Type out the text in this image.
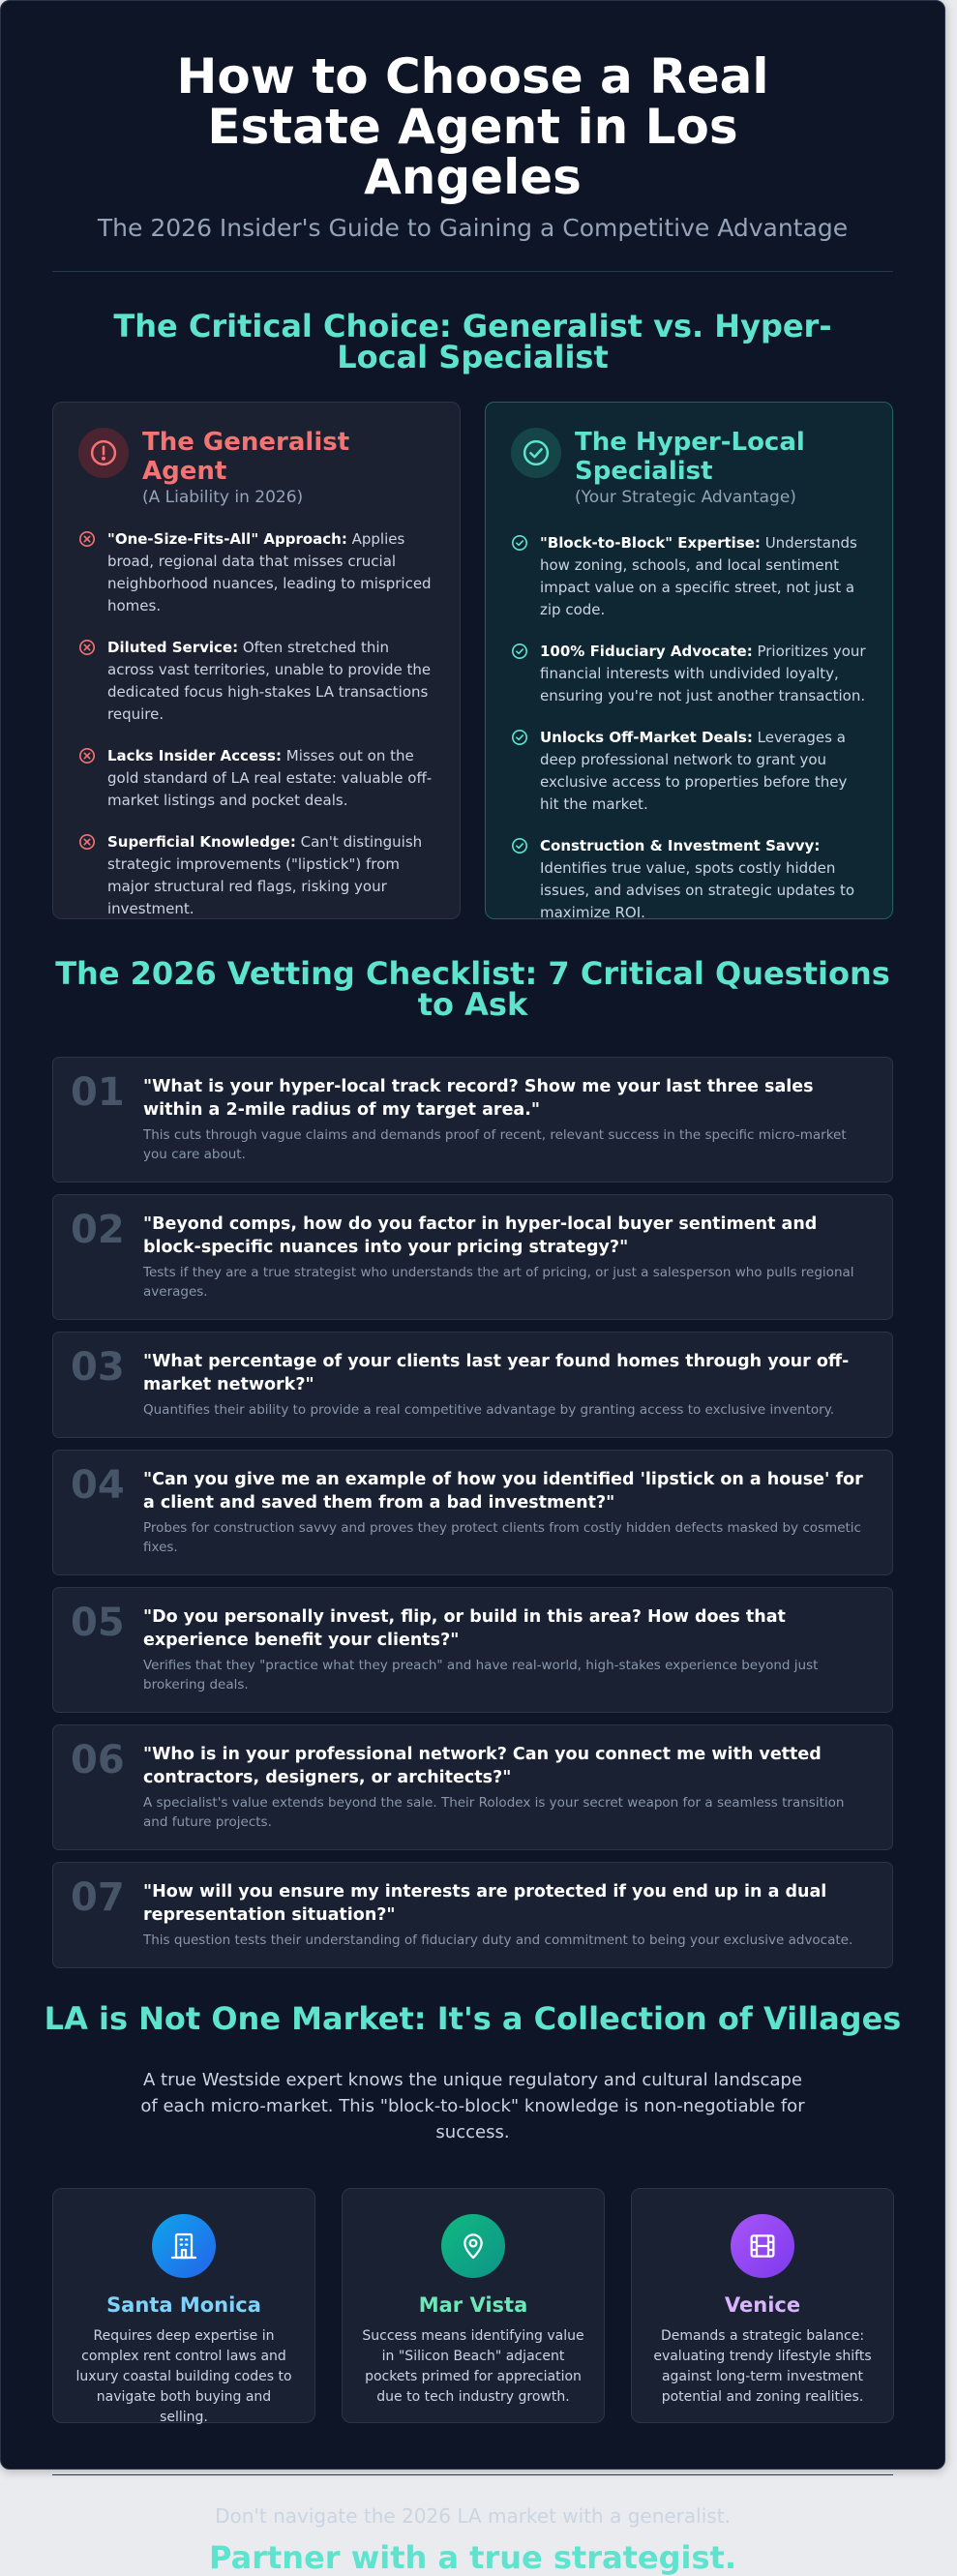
How to Choose a Real Estate Agent in Los Angeles
The 2026 Insider's Guide to Gaining a Competitive Advantage
The Critical Choice: Generalist vs. Hyper-Local Specialist
The Generalist Agent
(A Liability in 2026)
"One-Size-Fits-All" Approach: Applies broad, regional data that misses crucial neighborhood nuances, leading to mispriced homes.
Diluted Service: Often stretched thin across vast territories, unable to provide the dedicated focus high-stakes LA transactions require.
Lacks Insider Access: Misses out on the gold standard of LA real estate: valuable off-market listings and pocket deals.
Superficial Knowledge: Can't distinguish strategic improvements ("lipstick") from major structural red flags, risking your investment.
The Hyper-Local Specialist
(Your Strategic Advantage)
"Block-to-Block" Expertise: Understands how zoning, schools, and local sentiment impact value on a specific street, not just a zip code.
100% Fiduciary Advocate: Prioritizes your financial interests with undivided loyalty, ensuring you're not just another transaction.
Unlocks Off-Market Deals: Leverages a deep professional network to grant you exclusive access to properties before they hit the market.
Construction & Investment Savvy: Identifies true value, spots costly hidden issues, and advises on strategic updates to maximize ROI.
The 2026 Vetting Checklist: 7 Critical Questions to Ask
01 "What is your hyper-local track record? Show me your last three sales within a 2-mile radius of my target area."
This cuts through vague claims and demands proof of recent, relevant success in the specific micro-market you care about.
02 "Beyond comps, how do you factor in hyper-local buyer sentiment and block-specific nuances into your pricing strategy?"
Tests if they are a true strategist who understands the art of pricing, or just a salesperson who pulls regional averages.
03 "What percentage of your clients last year found homes through your off-market network?"
Quantifies their ability to provide a real competitive advantage by granting access to exclusive inventory.
04 "Can you give me an example of how you identified 'lipstick on a house' for a client and saved them from a bad investment?"
Probes for construction savvy and proves they protect clients from costly hidden defects masked by cosmetic fixes.
05 "Do you personally invest, flip, or build in this area? How does that experience benefit your clients?"
Verifies that they "practice what they preach" and have real-world, high-stakes experience beyond just brokering deals.
06 "Who is in your professional network? Can you connect me with vetted contractors, designers, or architects?"
A specialist's value extends beyond the sale. Their Rolodex is your secret weapon for a seamless transition and future projects.
07 "How will you ensure my interests are protected if you end up in a dual representation situation?"
This question tests their understanding of fiduciary duty and commitment to being your exclusive advocate.
LA is Not One Market: It's a Collection of Villages

A true Westside expert knows the unique regulatory and cultural landscape of each micro-market. This "block-to-block" knowledge is non-negotiable for success.

Santa Monica
Requires deep expertise in complex rent control laws and luxury coastal building codes to navigate both buying and selling.
Mar Vista
Success means identifying value in "Silicon Beach" adjacent pockets primed for appreciation due to tech industry growth.
Venice
Demands a strategic balance: evaluating trendy lifestyle shifts against long-term investment potential and zoning realities.
Don't navigate the 2026 LA market with a generalist.
Partner with a true strategist.
